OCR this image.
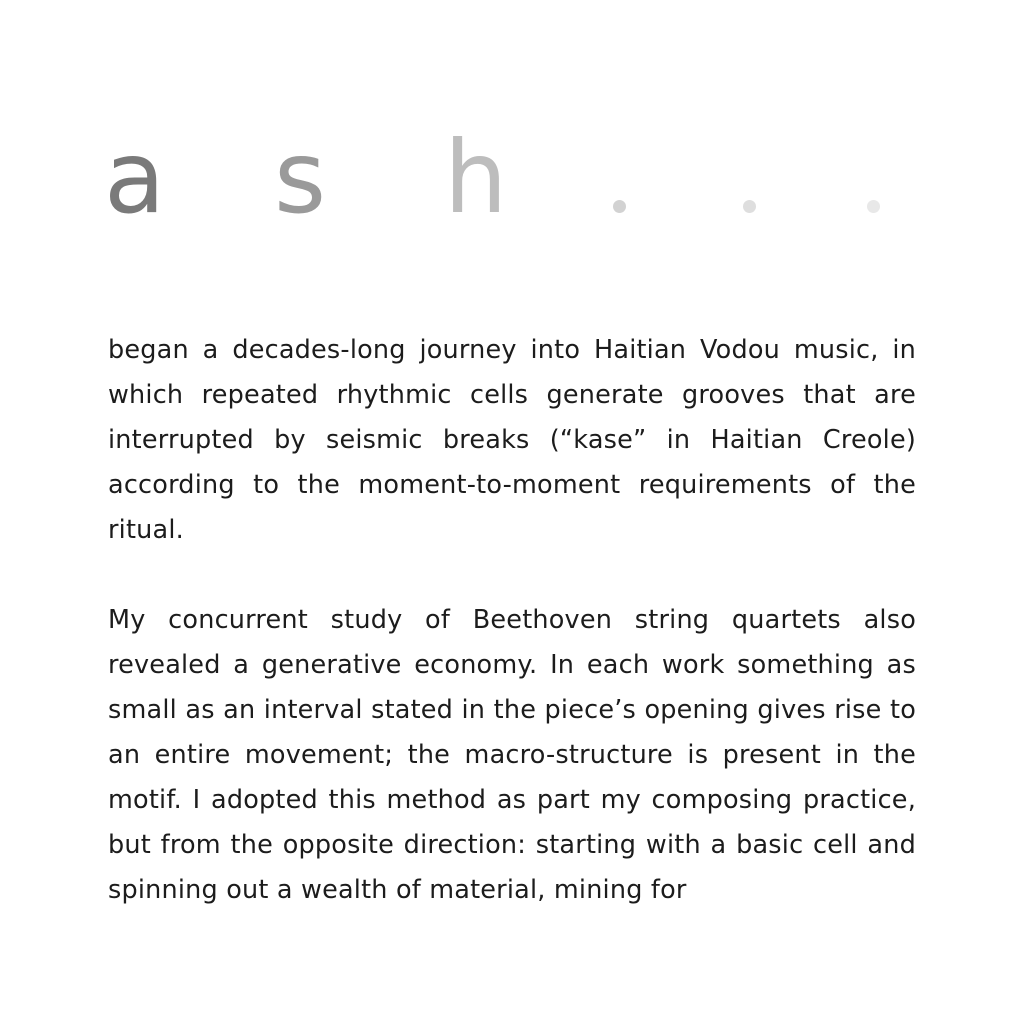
a s h

began a decades-long journey into Haitian Vodou music, in which repeated rhythmic cells generate grooves that are interrupted by seismic breaks (“kase” in Haitian Creole) according to the moment-to-moment requirements of the ritual.

My concurrent study of Beethoven string quartets also revealed a generative economy. In each work something as small as an interval stated in the piece’s opening gives rise to an entire movement; the macro-structure is present in the motif. I adopted this method as part my composing practice, but from the opposite direction: starting with a basic cell and spinning out a wealth of material, mining for
